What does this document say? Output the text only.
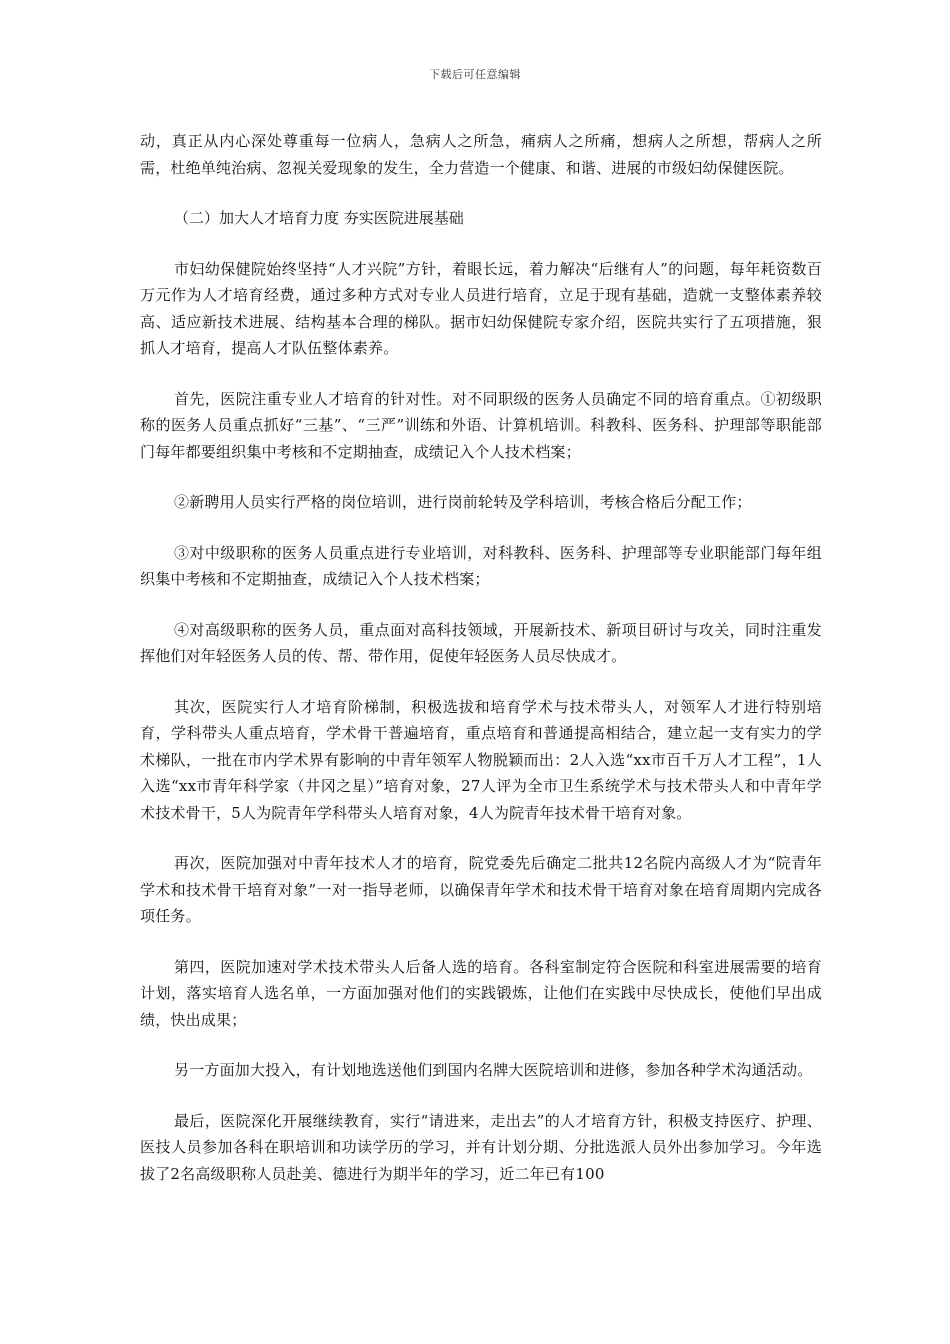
下载后可任意编辑

动，真正从内心深处尊重每一位病人，急病人之所急，痛病人之所痛，想病人之所想，帮病人之所需，杜绝单纯治病、忽视关爱现象的发生，全力营造一个健康、和谐、进展的市级妇幼保健医院。

（二）加大人才培育力度 夯实医院进展基础

市妇幼保健院始终坚持“人才兴院”方针，着眼长远，着力解决“后继有人”的问题，每年耗资数百万元作为人才培育经费，通过多种方式对专业人员进行培育，立足于现有基础，造就一支整体素养较高、适应新技术进展、结构基本合理的梯队。据市妇幼保健院专家介绍，医院共实行了五项措施，狠抓人才培育，提高人才队伍整体素养。

首先，医院注重专业人才培育的针对性。对不同职级的医务人员确定不同的培育重点。①初级职称的医务人员重点抓好“三基”、“三严”训练和外语、计算机培训。科教科、医务科、护理部等职能部门每年都要组织集中考核和不定期抽查，成绩记入个人技术档案；

②新聘用人员实行严格的岗位培训，进行岗前轮转及学科培训，考核合格后分配工作；

③对中级职称的医务人员重点进行专业培训，对科教科、医务科、护理部等专业职能部门每年组织集中考核和不定期抽查，成绩记入个人技术档案；

④对高级职称的医务人员，重点面对高科技领域，开展新技术、新项目研讨与攻关，同时注重发挥他们对年轻医务人员的传、帮、带作用，促使年轻医务人员尽快成才。

其次，医院实行人才培育阶梯制，积极选拔和培育学术与技术带头人，对领军人才进行特别培育，学科带头人重点培育，学术骨干普遍培育，重点培育和普通提高相结合，建立起一支有实力的学术梯队，一批在市内学术界有影响的中青年领军人物脱颖而出：2人入选“xx市百千万人才工程”，1人入选“xx市青年科学家（井冈之星）”培育对象，27人评为全市卫生系统学术与技术带头人和中青年学术技术骨干，5人为院青年学科带头人培育对象，4人为院青年技术骨干培育对象。

再次，医院加强对中青年技术人才的培育，院党委先后确定二批共12名院内高级人才为“院青年学术和技术骨干培育对象”一对一指导老师，以确保青年学术和技术骨干培育对象在培育周期内完成各项任务。

第四，医院加速对学术技术带头人后备人选的培育。各科室制定符合医院和科室进展需要的培育计划，落实培育人选名单，一方面加强对他们的实践锻炼，让他们在实践中尽快成长，使他们早出成绩，快出成果；

另一方面加大投入，有计划地选送他们到国内名牌大医院培训和进修，参加各种学术沟通活动。

最后，医院深化开展继续教育，实行“请进来，走出去”的人才培育方针，积极支持医疗、护理、医技人员参加各科在职培训和功读学历的学习，并有计划分期、分批选派人员外出参加学习。今年选拔了2名高级职称人员赴美、德进行为期半年的学习，近二年已有100
